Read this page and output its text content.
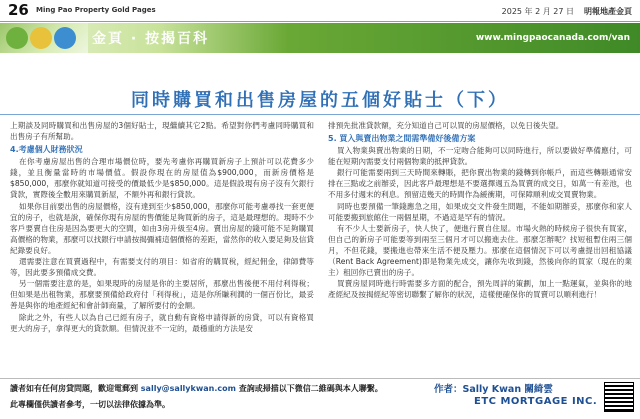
26 Ming Pao Property Gold Pages	2025 年 2 月 27 日 明報地產金頁
金頁 · 按揭百科	www.mingpaocanada.com/van
同時購買和出售房屋的五個好貼士（下）

上期談及同時購買和出售房屋的3個好貼士，現繼續其它2點。希望對你們考慮同時購買和出售房子有所幫助。

4.考慮個人財務狀況

在你考慮房屋出售的合理市場價位時，要先考慮你再購買新房子上預計可以花費多少錢，並且衡量當時的市場價值。假設你現在的房屋值為$900,000，而新房價格是$850,000，那麼你就知道可接受的價最低少是$850,000。這是假設現有房子沒有欠銀行貸款，實際後全數用來購買新屋，不額外再和銀行貸款。

如果你目前要出售的房屋價格，沒有達到至少$850,000，那麼你可能考慮尋找一套更便宜的房子，也就是說，確保你現有房屋的售價能足夠買新的房子，這是最理想的。現時不少客戶要賣自住房是因為要更大的空間，如由3房升級至4房。賣出房屋的錢可能不足夠購買高價格的物業，那麼可以找銀行申請按揭彌補這個價格的差距，當然你的收入要足夠及信貸紀錄要良好。

還需要注意在買賣過程中，有需要支付的項目：如省府的購買稅，經紀佣金，律師費等等，因此要多預備成交費。

另一個需要注意的是，如果現時的房屋是你的主要居所，那麼出售後便不用付利得稅；但如果是出租物業，那麼要預備給政府付「利得稅」，這是你所賺利潤的一個百份比，最妥善是與你的地產經紀和會計師商量，了解所要付的金額。

除此之外，有些人以為自己已經有房子，就自動有資格申請得新的房貸，可以有資格買更大的房子，拿得更大的貸款額。但情況並不一定的，最穩重的方法是安

排預先批准貸款額，充分知道自己可以買的房屋價格，以免日後失望。

5. 買入與賣出物業之間需準備好後備方案

買入物業與賣出物業的日期，不一定吻合能夠可以同時進行，所以要做好準備應付，可能在短期內需要支付兩個物業的抵押貸款。

銀行可能需要兩到三天時間來轉賬，把你賣出物業的錢轉到你帳戶，而這些轉賬通常安排在三點或之前辦妥，因此客戶最理想是不要選擇週五為買賣的成交日，如萬一有差池，也不用多付週末的利息。預留這幾天的時間作為緩衝期，可保障順利成交買賣物業。

同時也要預備一筆錢應急之用，如果成交文件發生問題，不能如期辦妥，那麼你和家人可能要搬到旅館住一兩個星期，不過這是罕有的情況。

有不少人士要新房子，快人快了，便進行賣自住屋。市場火熱的時候房子很快有買家，但自己的新房子可能要等到兩至三個月才可以搬進去住。那麼怎辦呢？找短租暫住兩三個月，不但花錢，要搬進也帶來生活不便及壓力。那麼在這個情況下可以考慮提出回租協議（Rent Back Agreement)即是物業先成交，讓你先收到錢，然後向你的買家（現在的業主）租回你已賣出的房子。

買賣房屋同時進行時需要多方面的配合，預先周詳的策劃，加上一點運氣，並與你的地產經紀及按揭經紀等密切聯繫了解你的狀況，這樣便確保你的買賣可以順利進行！

讀者如有任何房貸問題，歡迎電郵到 sally@sallykwan.com 查詢或掃描以下微信二維碼與本人聯繫。
此專欄僅供讀者參考，一切以法律依據為準。
作者：Sally Kwan 關綺雲
ETC MORTGAGE INC.
